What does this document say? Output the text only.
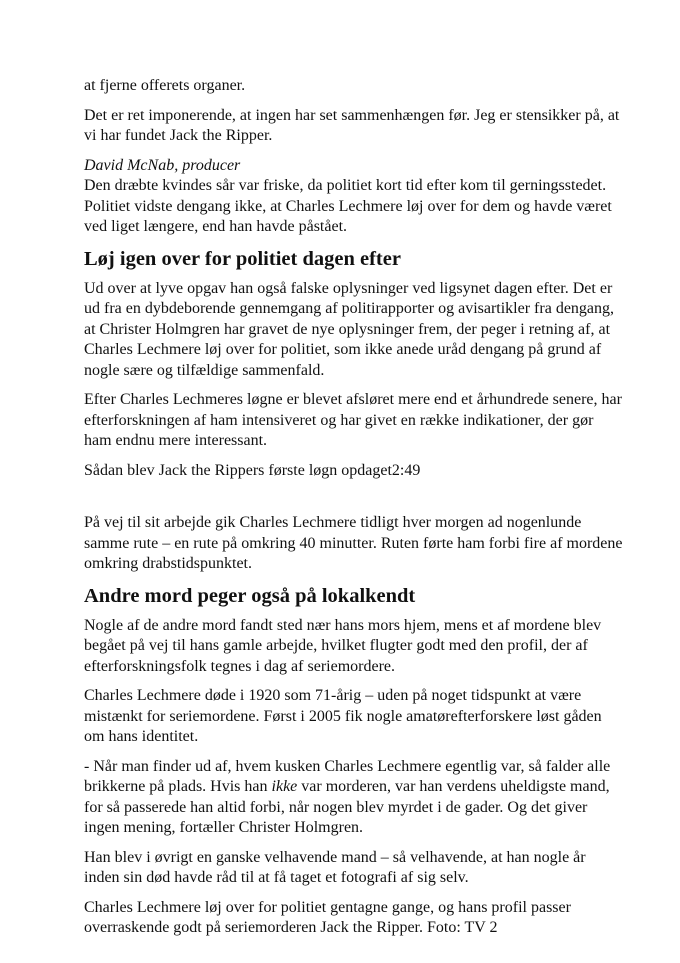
at fjerne offerets organer.

Det er ret imponerende, at ingen har set sammenhængen før. Jeg er stensikker på, at vi har fundet Jack the Ripper.

David McNab, producer

Den dræbte kvindes sår var friske, da politiet kort tid efter kom til gerningsstedet. Politiet vidste dengang ikke, at Charles Lechmere løj over for dem og havde været ved liget længere, end han havde påstået.

Løj igen over for politiet dagen efter

Ud over at lyve opgav han også falske oplysninger ved ligsynet dagen efter. Det er ud fra en dybdeborende gennemgang af politirapporter og avisartikler fra dengang, at Christer Holmgren har gravet de nye oplysninger frem, der peger i retning af, at Charles Lechmere løj over for politiet, som ikke anede uråd dengang på grund af nogle sære og tilfældige sammenfald.

Efter Charles Lechmeres løgne er blevet afsløret mere end et århundrede senere, har efterforskningen af ham intensiveret og har givet en række indikationer, der gør ham endnu mere interessant.

Sådan blev Jack the Rippers første løgn opdaget2:49

På vej til sit arbejde gik Charles Lechmere tidligt hver morgen ad nogenlunde samme rute – en rute på omkring 40 minutter. Ruten førte ham forbi fire af mordene omkring drabstidspunktet.

Andre mord peger også på lokalkendt

Nogle af de andre mord fandt sted nær hans mors hjem, mens et af mordene blev begået på vej til hans gamle arbejde, hvilket flugter godt med den profil, der af efterforskningsfolk tegnes i dag af seriemordere.

Charles Lechmere døde i 1920 som 71-årig – uden på noget tidspunkt at være mistænkt for seriemordene. Først i 2005 fik nogle amatørefterforskere løst gåden om hans identitet.

- Når man finder ud af, hvem kusken Charles Lechmere egentlig var, så falder alle brikkerne på plads. Hvis han ikke var morderen, var han verdens uheldigste mand, for så passerede han altid forbi, når nogen blev myrdet i de gader. Og det giver ingen mening, fortæller Christer Holmgren.

Han blev i øvrigt en ganske velhavende mand – så velhavende, at han nogle år inden sin død havde råd til at få taget et fotografi af sig selv.

Charles Lechmere løj over for politiet gentagne gange, og hans profil passer overraskende godt på seriemorderen Jack the Ripper. Foto: TV 2
